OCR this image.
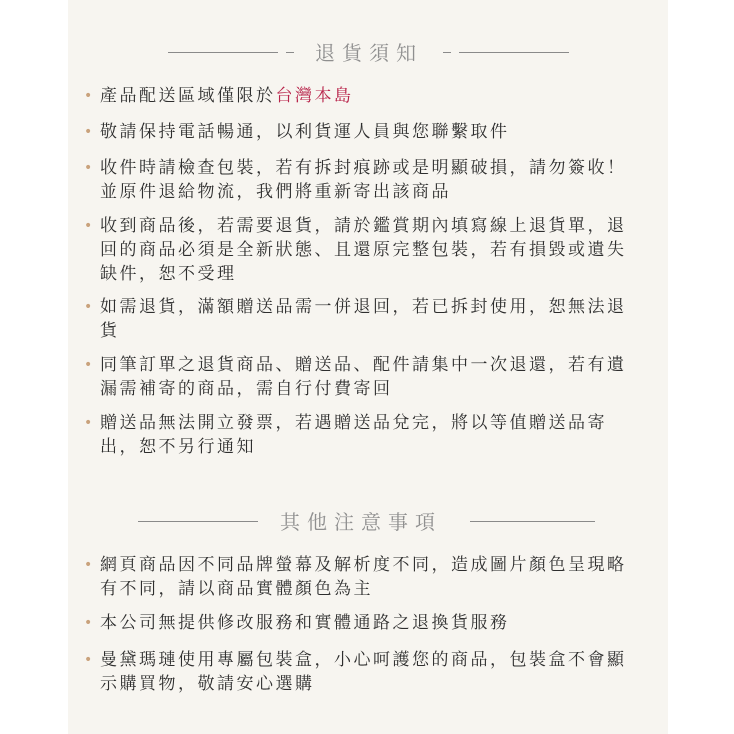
退貨須知
• 產品配送區域僅限於台灣本島
• 敬請保持電話暢通，以利貨運人員與您聯繫取件
• 收件時請檢查包裝，若有拆封痕跡或是明顯破損，請勿簽收！並原件退給物流，我們將重新寄出該商品
• 收到商品後，若需要退貨，請於鑑賞期內填寫線上退貨單，退回的商品必須是全新狀態、且還原完整包裝，若有損毀或遺失缺件，恕不受理
• 如需退貨，滿額贈送品需一併退回，若已拆封使用，恕無法退貨
• 同筆訂單之退貨商品、贈送品、配件請集中一次退還，若有遺漏需補寄的商品，需自行付費寄回
• 贈送品無法開立發票，若遇贈送品兌完，將以等值贈送品寄出，恕不另行通知
其他注意事項
• 網頁商品因不同品牌螢幕及解析度不同，造成圖片顏色呈現略有不同，請以商品實體顏色為主
• 本公司無提供修改服務和實體通路之退換貨服務
• 曼黛瑪璉使用專屬包裝盒，小心呵護您的商品，包裝盒不會顯示購買物，敬請安心選購
